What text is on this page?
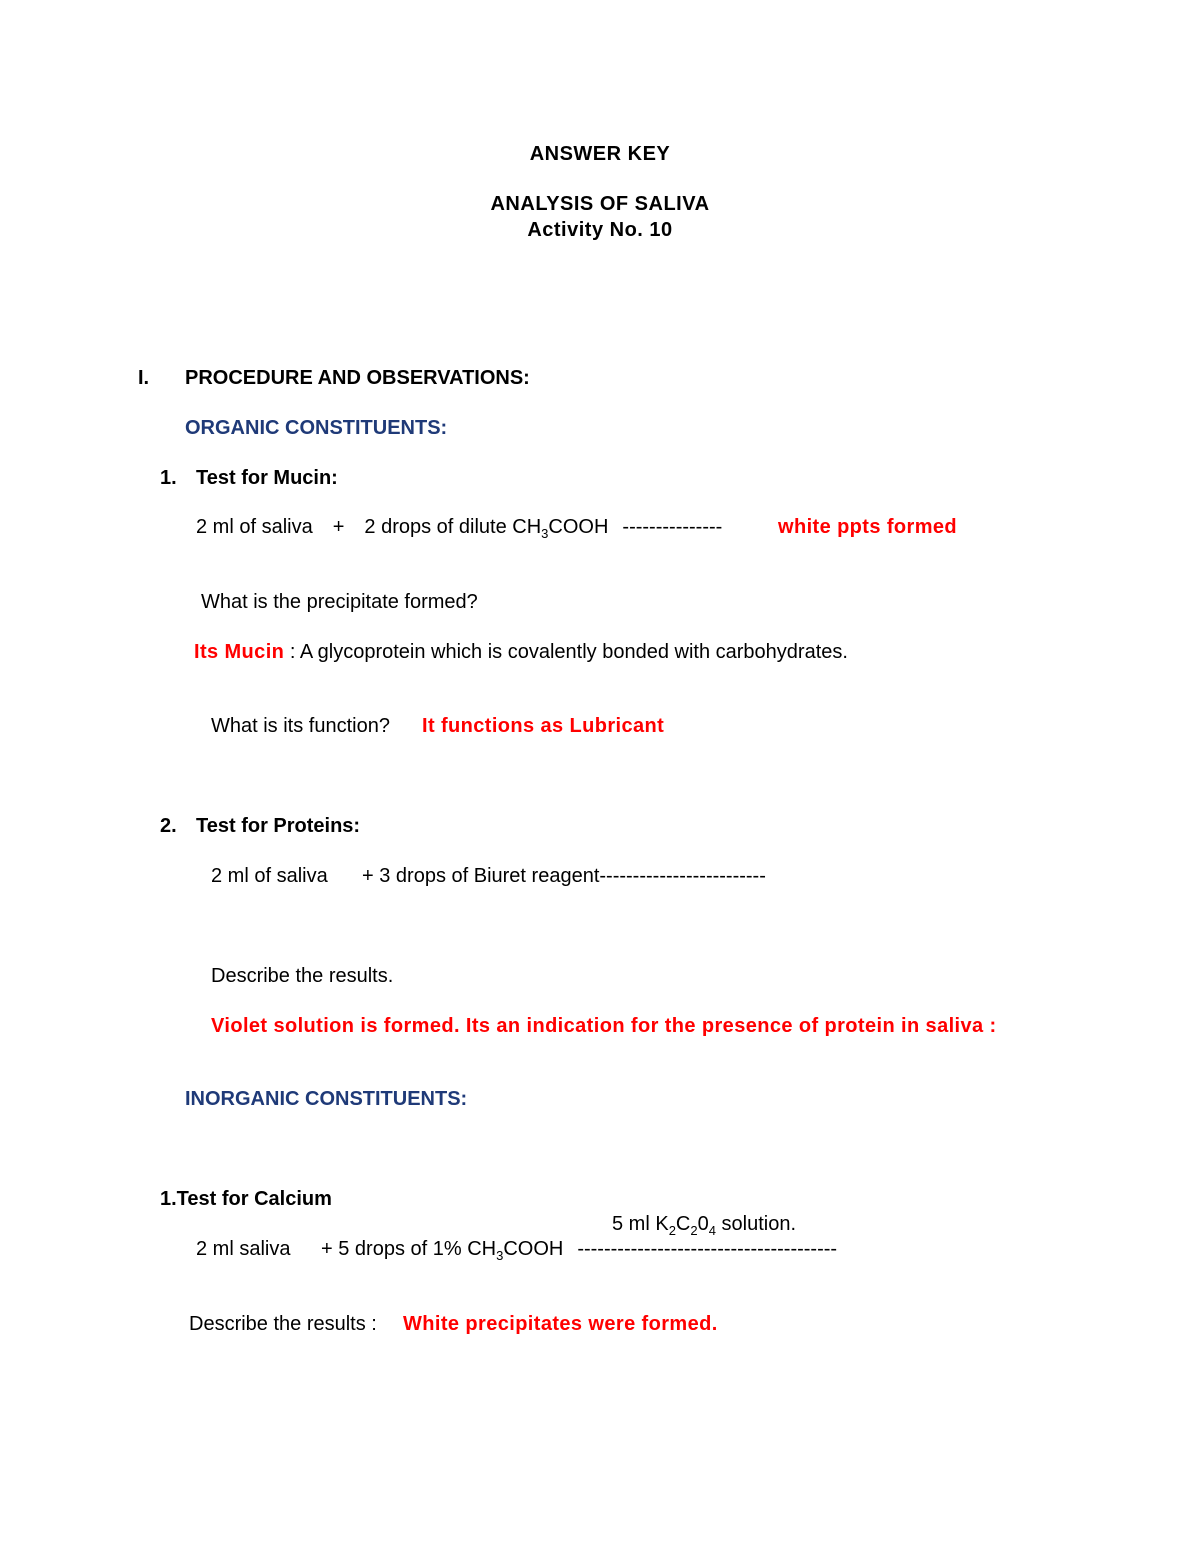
ANSWER KEY
ANALYSIS OF SALIVA
Activity No. 10
I. PROCEDURE AND OBSERVATIONS:
ORGANIC CONSTITUENTS:
1. Test for Mucin:
2 ml of saliva + 2 drops of dilute $CH_3COOH$ ---------------	white ppts formed
What is the precipitate formed?
Its Mucin : A glycoprotein which is covalently bonded with carbohydrates.
What is its function? It functions as Lubricant
2. Test for Proteins:
2 ml of saliva + 3 drops of Biuret reagent-------------------------
Describe the results.
Violet solution is formed. Its an indication for the presence of protein in saliva :
INORGANIC CONSTITUENTS:
1.Test for Calcium
5 ml $K_2C_20_4$ solution.
2 ml saliva + 5 drops of 1% $CH_3COOH$ ---------------------------------------
Describe the results : White precipitates were formed.
